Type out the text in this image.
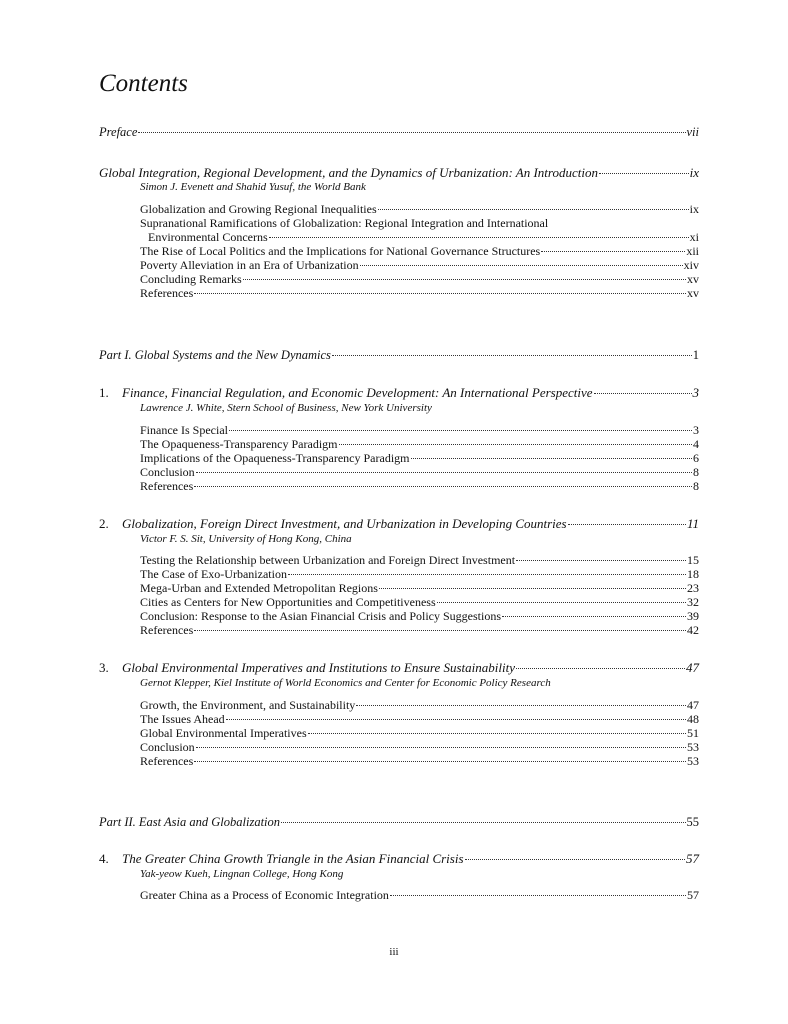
Contents
Preface	vii
Global Integration, Regional Development, and the Dynamics of Urbanization: An Introduction	ix
Simon J. Evenett and Shahid Yusuf, the World Bank
Globalization and Growing Regional Inequalities	ix
Supranational Ramifications of Globalization: Regional Integration and International
Environmental Concerns	xi
The Rise of Local Politics and the Implications for National Governance Structures	xii
Poverty Alleviation in an Era of Urbanization	xiv
Concluding Remarks	xv
References	xv
Part I. Global Systems and the New Dynamics	1
1.	Finance, Financial Regulation, and Economic Development: An International Perspective	3
Lawrence J. White, Stern School of Business, New York University
Finance Is Special	3
The Opaqueness-Transparency Paradigm	4
Implications of the Opaqueness-Transparency Paradigm	6
Conclusion	8
References	8
2.	Globalization, Foreign Direct Investment, and Urbanization in Developing Countries	11
Victor F. S. Sit, University of Hong Kong, China
Testing the Relationship between Urbanization and Foreign Direct Investment	15
The Case of Exo-Urbanization	18
Mega-Urban and Extended Metropolitan Regions	23
Cities as Centers for New Opportunities and Competitiveness	32
Conclusion: Response to the Asian Financial Crisis and Policy Suggestions	39
References	42
3.	Global Environmental Imperatives and Institutions to Ensure Sustainability	47
Gernot Klepper, Kiel Institute of World Economics and Center for Economic Policy Research
Growth, the Environment, and Sustainability	47
The Issues Ahead	48
Global Environmental Imperatives	51
Conclusion	53
References	53
Part II. East Asia and Globalization	55
4.	The Greater China Growth Triangle in the Asian Financial Crisis	57
Yak-yeow Kueh, Lingnan College, Hong Kong
Greater China as a Process of Economic Integration	57
iii
